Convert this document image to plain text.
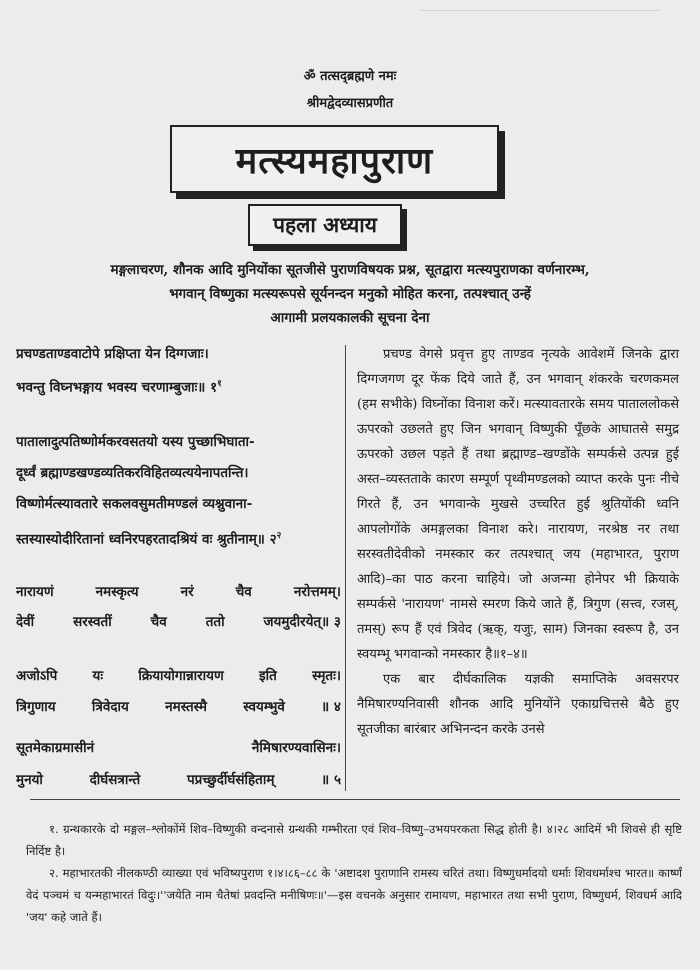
ॐ तत्सद्ब्रह्मणे नमः
श्रीमद्वेदव्यासप्रणीत
मत्स्यमहापुराण
पहला अध्याय
मङ्गलाचरण, शौनक आदि मुनियोंका सूतजीसे पुराणविषयक प्रश्न, सूतद्वारा मत्स्यपुराणका वर्णनारम्भ,
भगवान् विष्णुका मत्स्यरूपसे सूर्यनन्दन मनुको मोहित करना, तत्पश्चात् उन्हें
आगामी प्रलयकालकी सूचना देना
प्रचण्डताण्डवाटोपे प्रक्षिप्ता येन दिग्गजाः।
भवन्तु विघ्नभङ्गाय भवस्य चरणाम्बुजाः॥ $१^१$
पातालादुत्पतिष्णोर्मकरवसतयो यस्य पुच्छाभिघाता-
दूर्ध्वं ब्रह्माण्डखण्डव्यतिकरविहितव्यत्ययेनापतन्ति।
विष्णोर्मत्स्यावतारे सकलवसुमतीमण्डलं व्यश्नुवाना-
स्तस्यास्योदीरितानां ध्वनिरपहरतादश्रियं वः श्रुतीनाम्॥ $२^२$
नारायणं	नमस्कृत्य	नरं	चैव	नरोत्तमम्।
देवीं	सरस्वतीं	चैव	ततो	जयमुदीरयेत्॥ ३
अजोऽपि	यः	क्रियायोगान्नारायण	इति	स्मृतः।
त्रिगुणाय	त्रिवेदाय	नमस्तस्मै	स्वयम्भुवे	॥ ४
सूतमेकाग्रमासीनं	नैमिषारण्यवासिनः।
मुनयो	दीर्घसत्रान्ते	पप्रच्छुर्दीर्घसंहिताम्	॥ ५

प्रचण्ड वेगसे प्रवृत्त हुए ताण्डव नृत्यके आवेशमें जिनके द्वारा दिग्गजगण दूर फेंक दिये जाते हैं, उन भगवान् शंकरके चरणकमल (हम सभीके) विघ्नोंका विनाश करें। मत्स्यावतारके समय पाताललोकसे ऊपरको उछलते हुए जिन भगवान् विष्णुकी पूँछके आघातसे समुद्र ऊपरको उछल पड़ते हैं तथा ब्रह्माण्ड–खण्डोंके सम्पर्कसे उत्पन्न हुई अस्त–व्यस्तताके कारण सम्पूर्ण पृथ्वीमण्डलको व्याप्त करके पुनः नीचे गिरते हैं, उन भगवान्के मुखसे उच्चरित हुई श्रुतियोंकी ध्वनि आपलोगोंके अमङ्गलका विनाश करे। नारायण, नरश्रेष्ठ नर तथा सरस्वतीदेवीको नमस्कार कर तत्पश्चात् जय (महाभारत, पुराण आदि)–का पाठ करना चाहिये। जो अजन्मा होनेपर भी क्रियाके सम्पर्कसे 'नारायण' नामसे स्मरण किये जाते हैं, त्रिगुण (सत्त्व, रजस्, तमस्) रूप हैं एवं त्रिवेद (ऋक्, यजुः, साम) जिनका स्वरूप है, उन स्वयम्भू भगवान्को नमस्कार है॥१–४॥

एक बार दीर्घकालिक यज्ञकी समाप्तिके अवसरपर नैमिषारण्यनिवासी शौनक आदि मुनियोंने एकाग्रचित्तसे बैठे हुए सूतजीका बारंबार अभिनन्दन करके उनसे

१. ग्रन्थकारके दो मङ्गल–श्लोकोंमें शिव–विष्णुकी वन्दनासे ग्रन्थकी गम्भीरता एवं शिव–विष्णु–उभयपरकता सिद्ध होती है। ४।२८ आदिमें भी शिवसे ही सृष्टि निर्दिष्ट है।

२. महाभारतकी नीलकण्ठी व्याख्या एवं भविष्यपुराण १।४।८६–८८ के 'अष्टादश पुराणानि रामस्य चरितं तथा। विष्णुधर्मादयो धर्माः शिवधर्माश्च भारत॥ कार्ष्णं वेदं पञ्चमं च यन्महाभारतं विदुः।''जयेति नाम चैतेषां प्रवदन्ति मनीषिणः॥'—इस वचनके अनुसार रामायण, महाभारत तथा सभी पुराण, विष्णुधर्म, शिवधर्म आदि 'जय' कहे जाते हैं।
